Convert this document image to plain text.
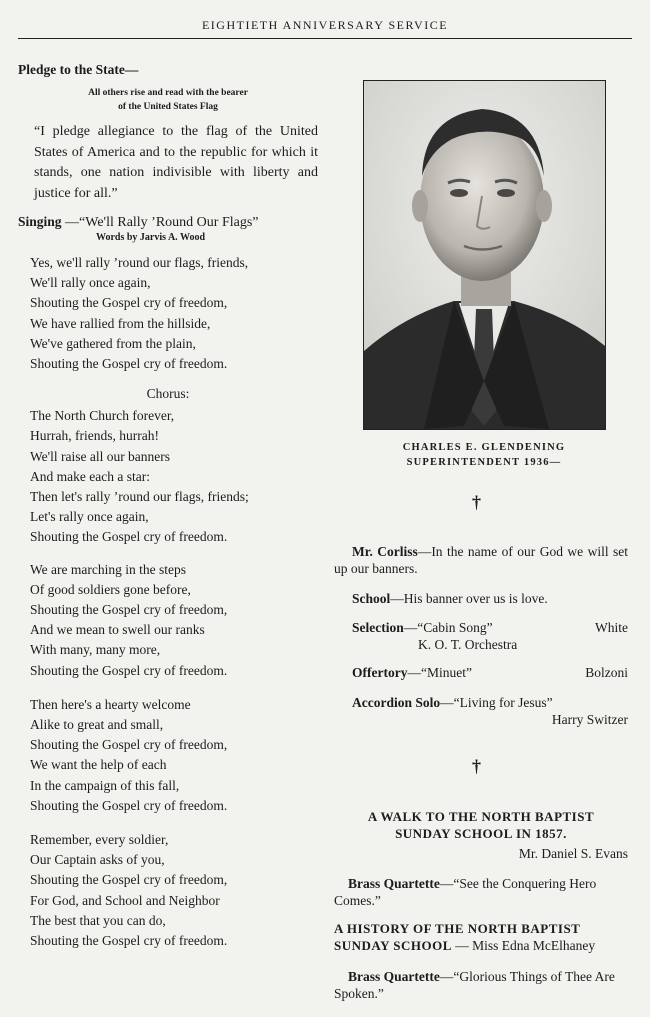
EIGHTIETH ANNIVERSARY SERVICE
Pledge to the State—
All others rise and read with the bearer
of the United States Flag
“I pledge allegiance to the flag of the United States of America and to the republic for which it stands, one nation indivisible with liberty and justice for all.”
Singing —“We'll Rally ’Round Our Flags”
Words by Jarvis A. Wood
Yes, we'll rally ’round our flags, friends,
We'll rally once again,
Shouting the Gospel cry of freedom,
We have rallied from the hillside,
We've gathered from the plain,
Shouting the Gospel cry of freedom.
Chorus:
The North Church forever,
Hurrah, friends, hurrah!
We'll raise all our banners
And make each a star:
Then let's rally ’round our flags, friends;
Let's rally once again,
Shouting the Gospel cry of freedom.
We are marching in the steps
Of good soldiers gone before,
Shouting the Gospel cry of freedom,
And we mean to swell our ranks
With many, many more,
Shouting the Gospel cry of freedom.
Then here's a hearty welcome
Alike to great and small,
Shouting the Gospel cry of freedom,
We want the help of each
In the campaign of this fall,
Shouting the Gospel cry of freedom.
Remember, every soldier,
Our Captain asks of you,
Shouting the Gospel cry of freedom,
For God, and School and Neighbor
The best that you can do,
Shouting the Gospel cry of freedom.
CHARLES E. GLENDENING
SUPERINTENDENT 1936—
†
Mr. Corliss—In the name of our God we will set up our banners.
School—His banner over us is love.
Selection—“Cabin Song”	White
K. O. T. Orchestra
Offertory—“Minuet”	Bolzoni
Accordion Solo—“Living for Jesus”
Harry Switzer
†
A WALK TO THE NORTH BAPTIST
SUNDAY SCHOOL IN 1857.
Mr. Daniel S. Evans
Brass Quartette—“See the Conquering Hero Comes.”
A HISTORY OF THE NORTH BAPTIST
SUNDAY SCHOOL — Miss Edna McElhaney
Brass Quartette—“Glorious Things of Thee Are Spoken.”
